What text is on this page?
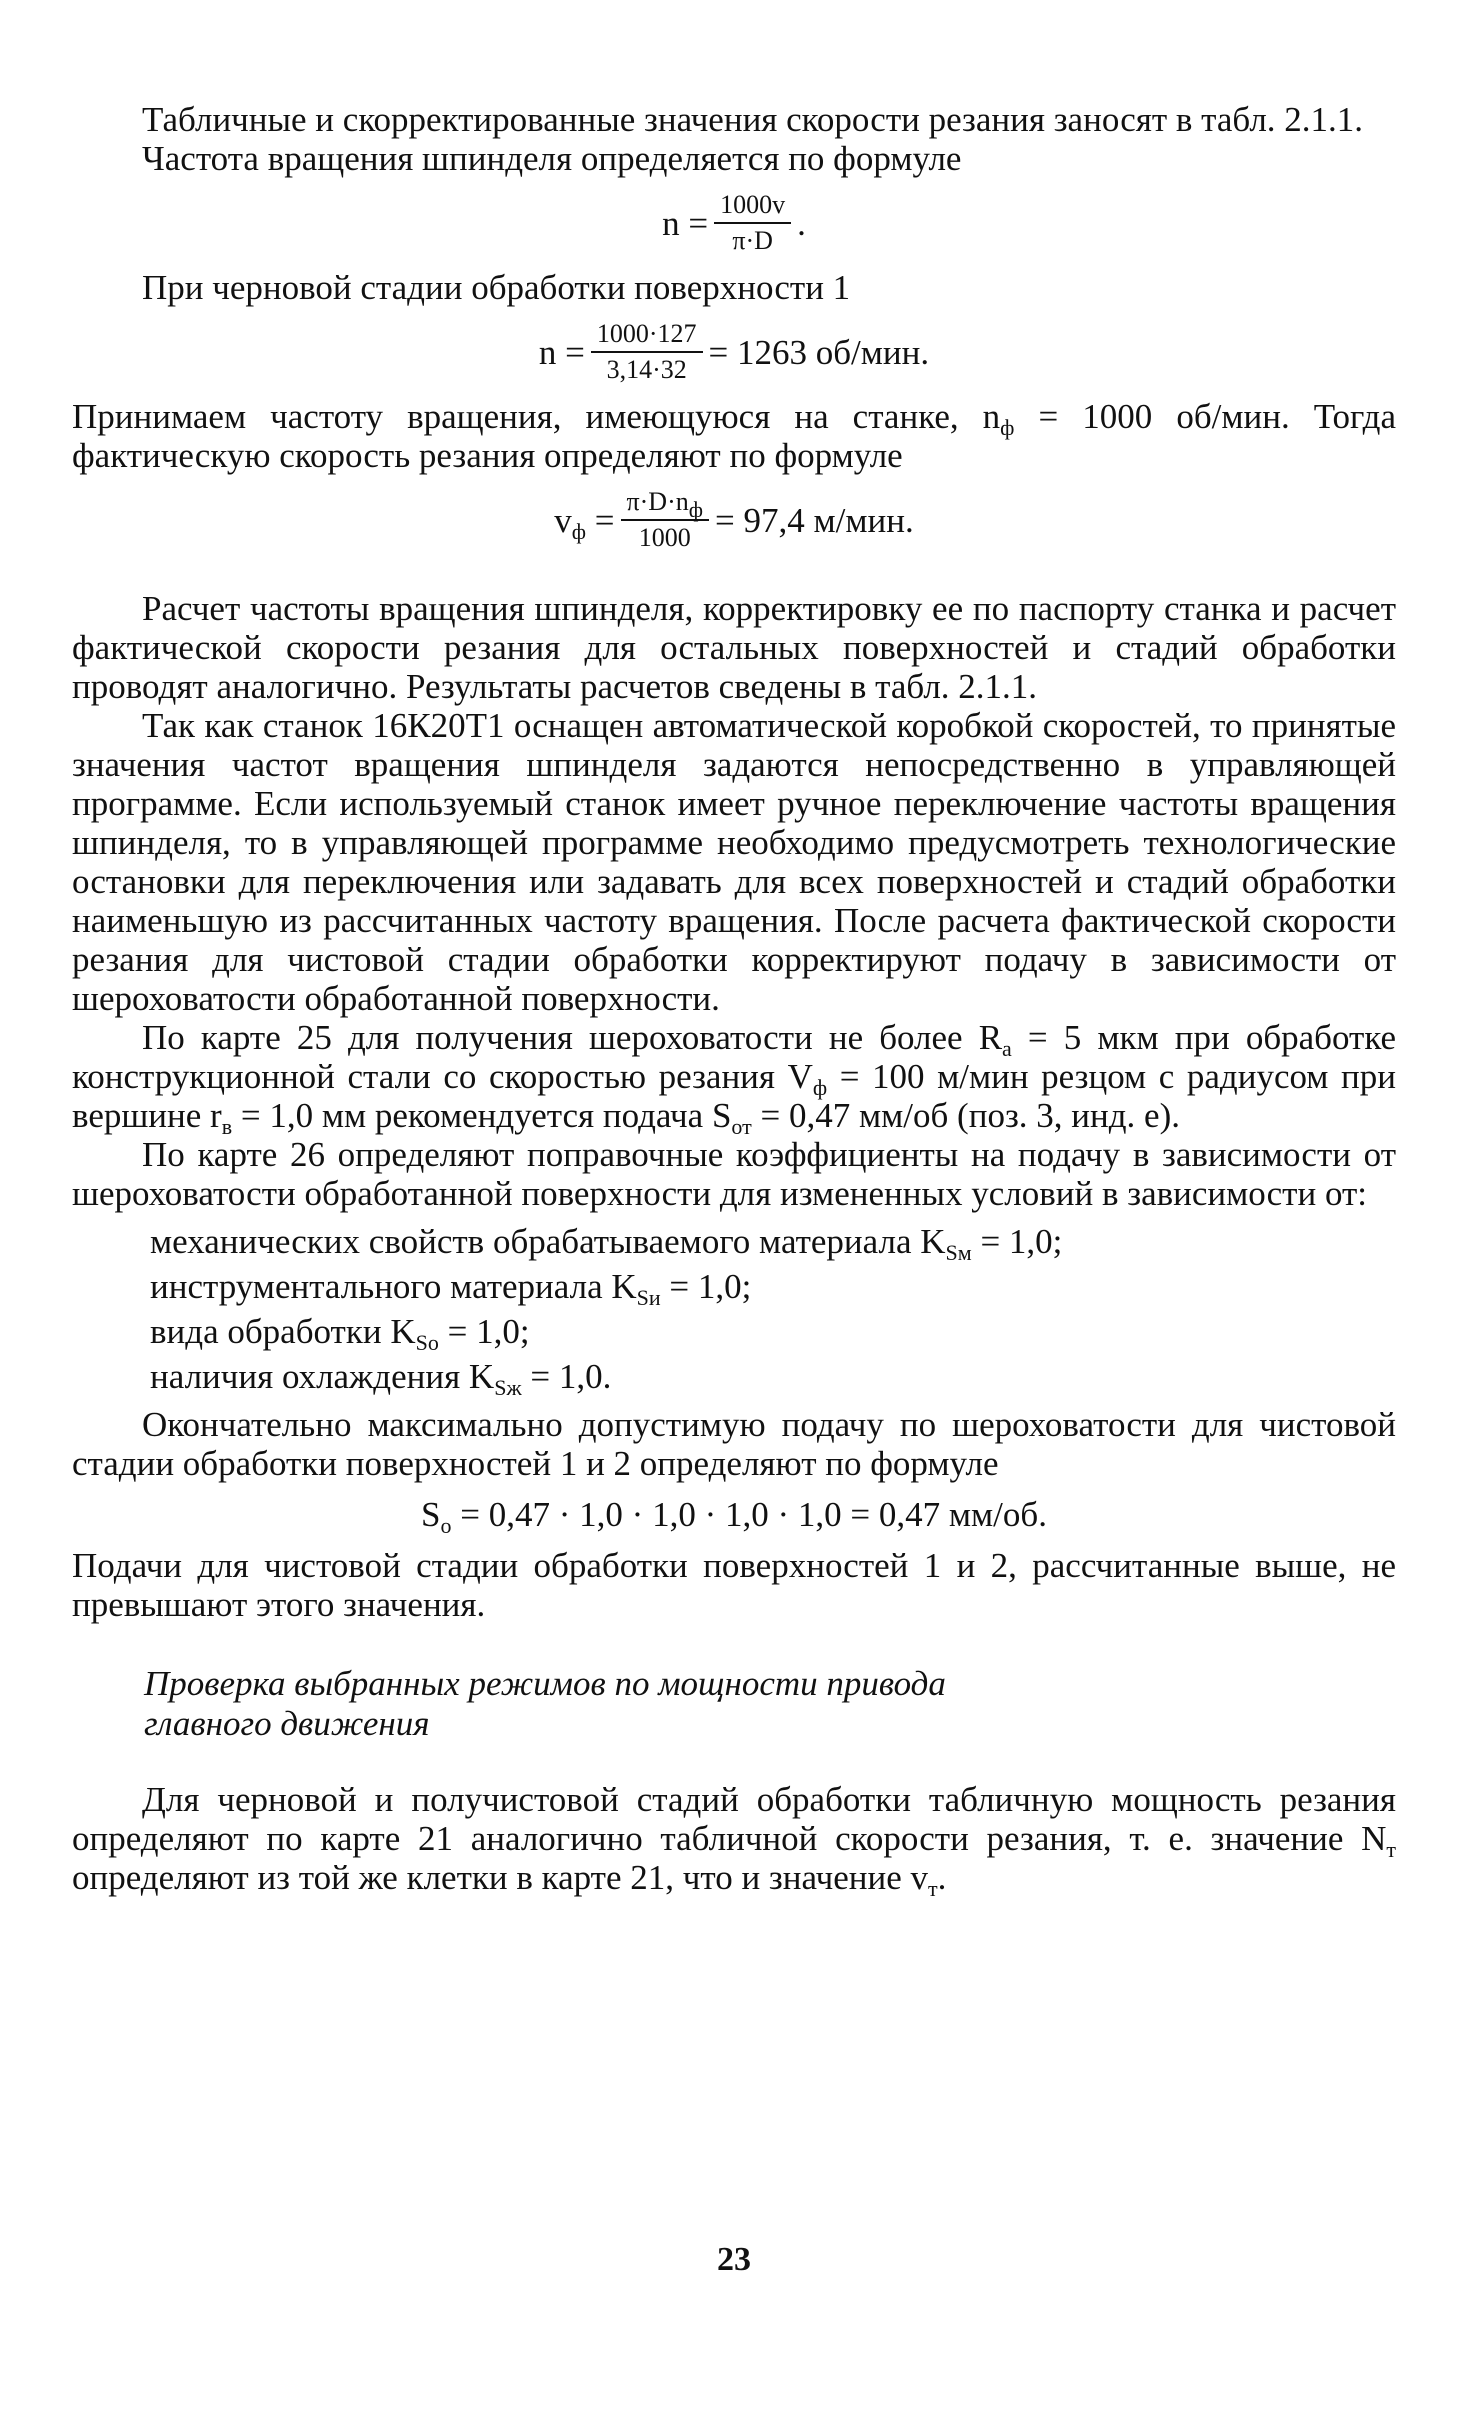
Табличные и скорректированные значения скорости резания заносят в табл. 2.1.1.

Частота вращения шпинделя определяется по формуле

$n = \frac{1000v}{\pi\cdot D}$ .

При черновой стадии обработки поверхности 1

$n = \frac{1000\cdot 127}{3,14\cdot 32} = 1263$ об/мин.

Принимаем частоту вращения, имеющуюся на станке, $n_ф = 1000$ об/мин. Тогда фактическую скорость резания определяют по формуле

$v_ф = \frac{\pi\cdot D\cdot n_ф}{1000} = 97,4$ м/мин.

Расчет частоты вращения шпинделя, корректировку ее по паспорту станка и расчет фактической скорости резания для остальных поверхностей и стадий обработки проводят аналогично. Результаты расчетов сведены в табл. 2.1.1.

Так как станок 16К20Т1 оснащен автоматической коробкой скоростей, то принятые значения частот вращения шпинделя задаются непосредственно в управляющей программе. Если используемый станок имеет ручное переключение частоты вращения шпинделя, то в управляющей программе необходимо предусмотреть технологические остановки для переключения или задавать для всех поверхностей и стадий обработки наименьшую из рассчитанных частоту вращения. После расчета фактической скорости резания для чистовой стадии обработки корректируют подачу в зависимости от шероховатости обработанной поверхности.

По карте 25 для получения шероховатости не более $R_a = 5$ мкм при обработке конструкционной стали со скоростью резания $V_ф = 100$ м/мин резцом с радиусом при вершине $r_в = 1,0$ мм рекомендуется подача $S_{от} = 0,47$ мм/об (поз. 3, инд. е).

По карте 26 определяют поправочные коэффициенты на подачу в зависимости от шероховатости обработанной поверхности для измененных условий в зависимости от:

механических свойств обрабатываемого материала $K_{Sм} = 1,0$;
инструментального материала $K_{Sи} = 1,0$;
вида обработки $K_{So} = 1,0$;
наличия охлаждения $K_{Sж} = 1,0$.

Окончательно максимально допустимую подачу по шероховатости для чистовой стадии обработки поверхностей 1 и 2 определяют по формуле

$S_o = 0,47 \cdot 1,0 \cdot 1,0 \cdot 1,0 \cdot 1,0 = 0,47$ мм/об.

Подачи для чистовой стадии обработки поверхностей 1 и 2, рассчитанные выше, не превышают этого значения.

Проверка выбранных режимов по мощности привода
главного движения

Для черновой и получистовой стадий обработки табличную мощность резания определяют по карте 21 аналогично табличной скорости резания, т. е. значение $N_т$ определяют из той же клетки в карте 21, что и значение $v_т$.

23
